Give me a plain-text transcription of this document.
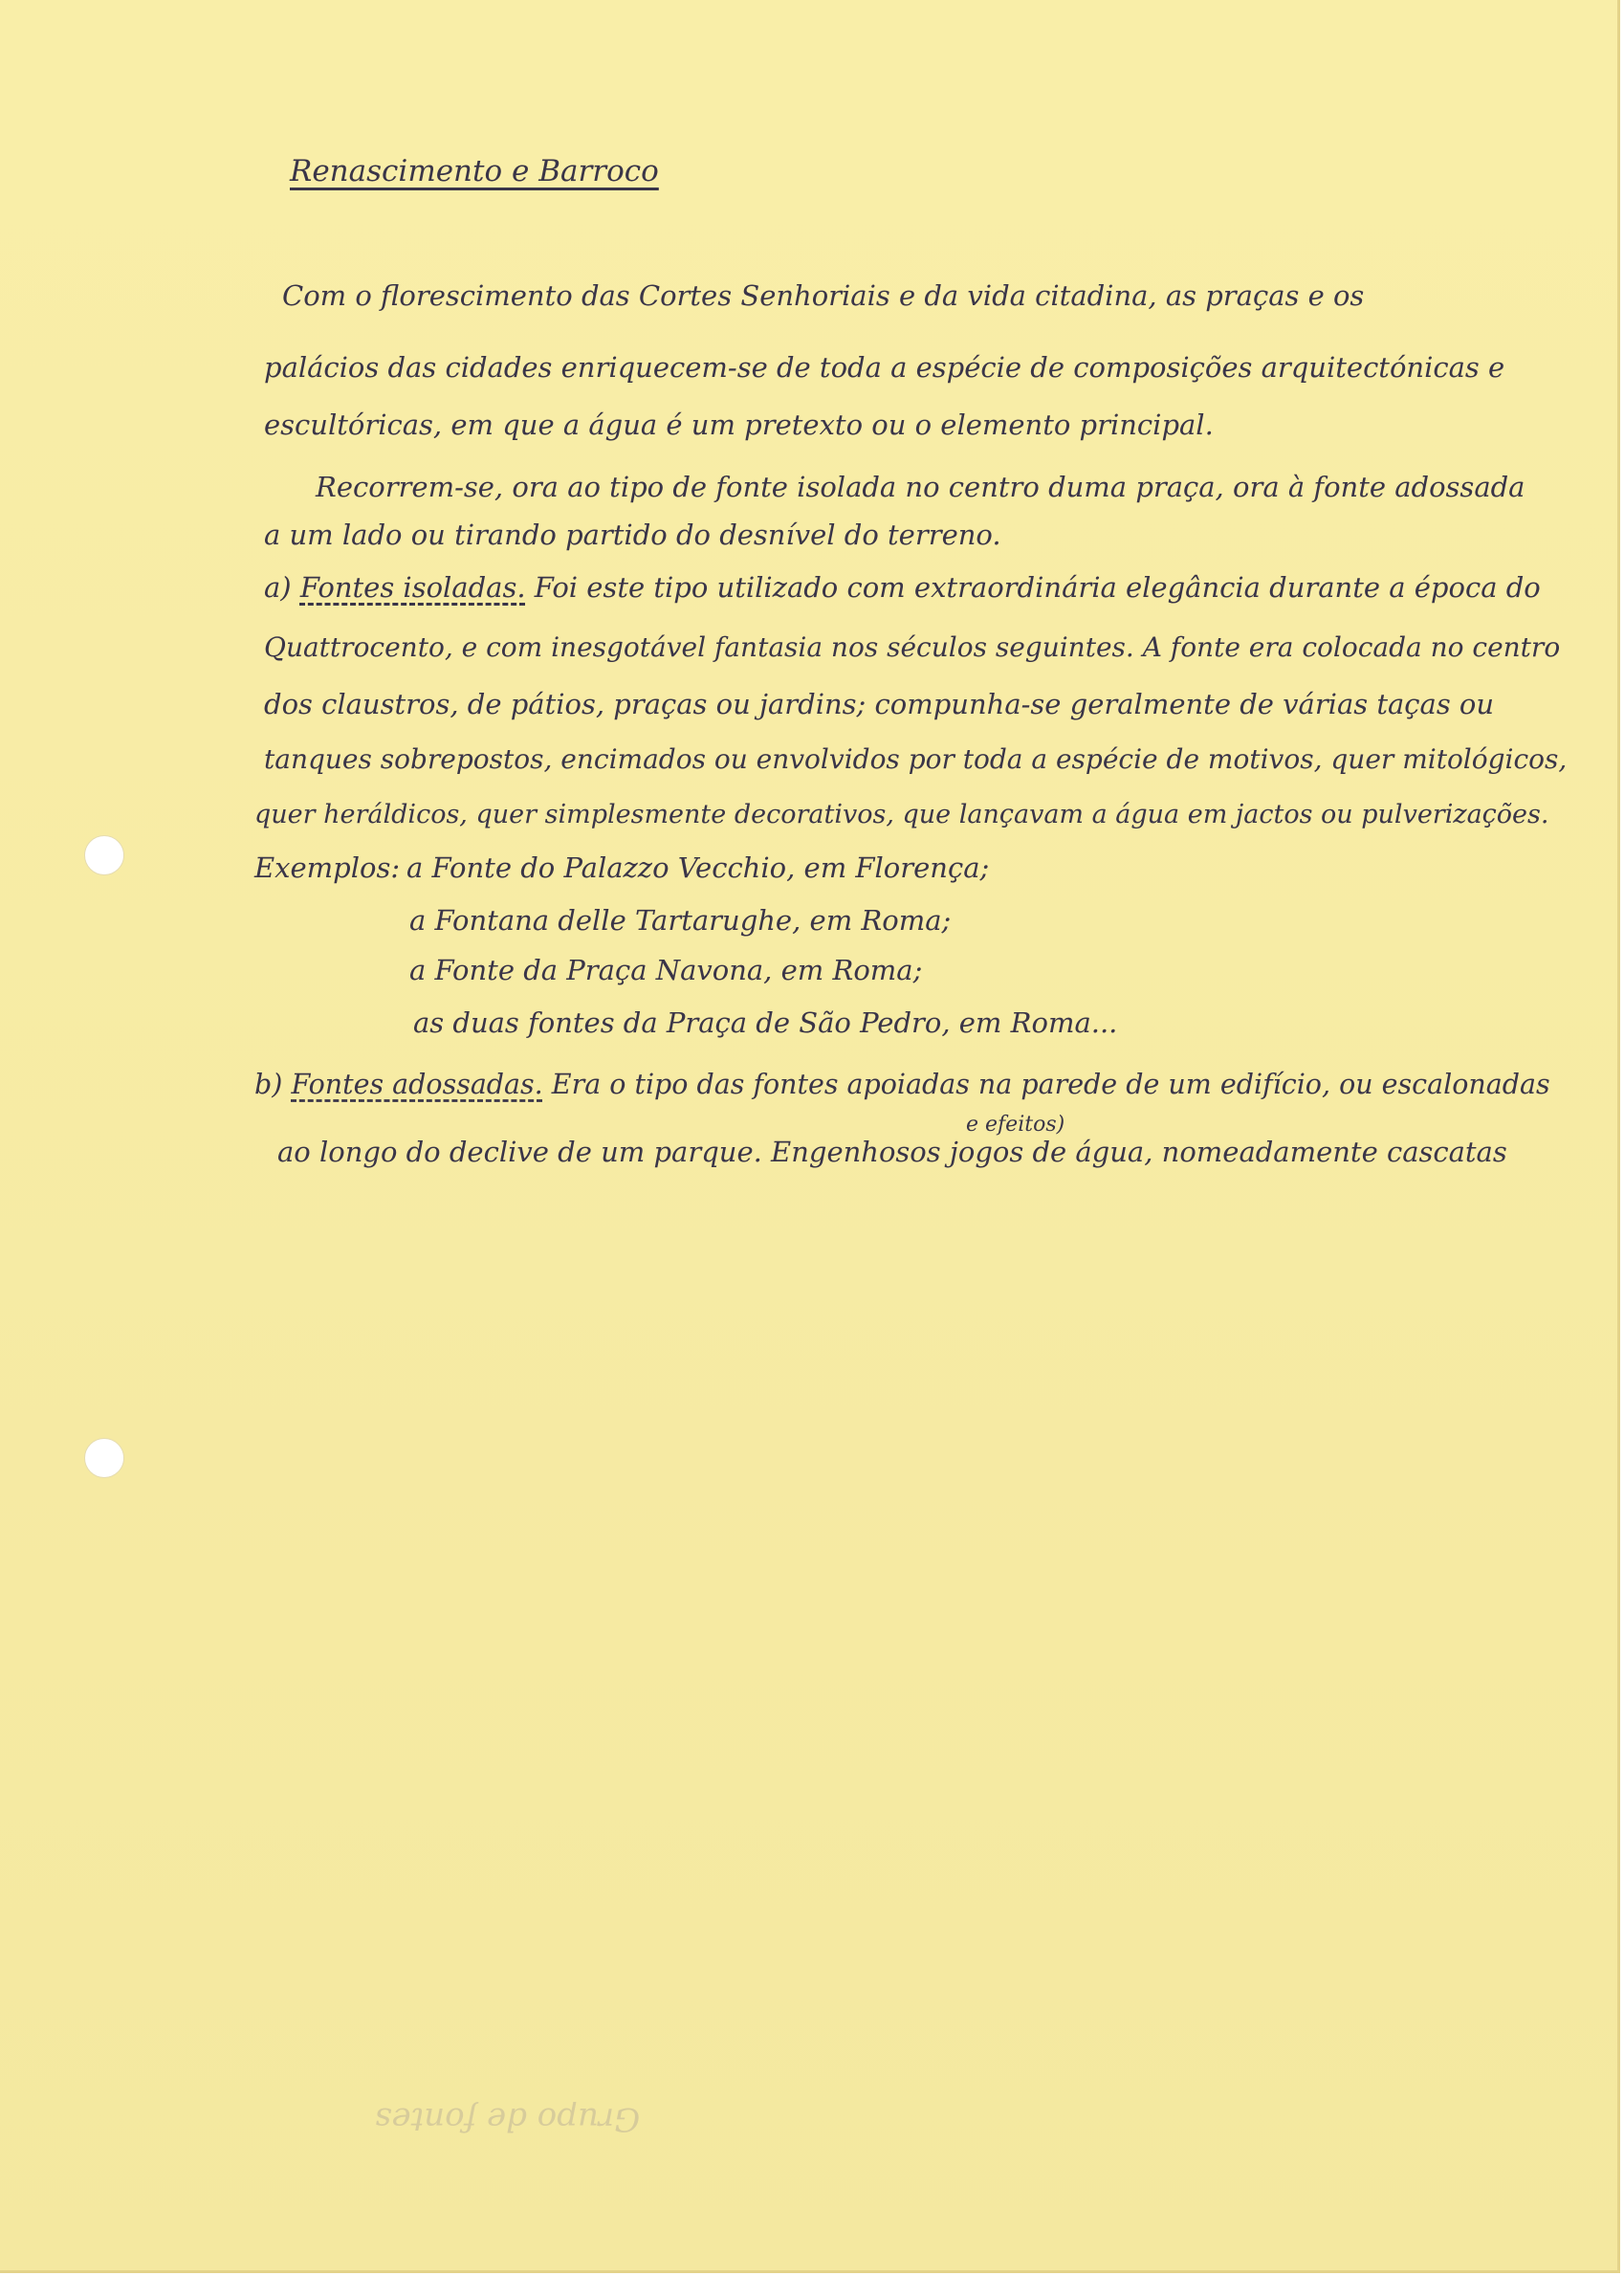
Renascimento e Barroco
Com o florescimento das Cortes Senhoriais e da vida citadina, as praças e os
palácios das cidades enriquecem-se de toda a espécie de composições arquitectónicas e
escultóricas, em que a água é um pretexto ou o elemento principal.
Recorrem-se, ora ao tipo de fonte isolada no centro duma praça, ora à fonte adossada
a um lado ou tirando partido do desnível do terreno.
a) Fontes isoladas. Foi este tipo utilizado com extraordinária elegância durante a época do
Quattrocento, e com inesgotável fantasia nos séculos seguintes. A fonte era colocada no centro
dos claustros, de pátios, praças ou jardins; compunha-se geralmente de várias taças ou
tanques sobrepostos, encimados ou envolvidos por toda a espécie de motivos, quer mitológicos,
quer heráldicos, quer simplesmente decorativos, que lançavam a água em jactos ou pulverizações.
Exemplos: a Fonte do Palazzo Vecchio, em Florença;
a Fontana delle Tartarughe, em Roma;
a Fonte da Praça Navona, em Roma;
as duas fontes da Praça de São Pedro, em Roma...
b) Fontes adossadas. Era o tipo das fontes apoiadas na parede de um edifício, ou escalonadas
e efeitos)
ao longo do declive de um parque. Engenhosos jogos de água, nomeadamente cascatas
Grupo de fontes
